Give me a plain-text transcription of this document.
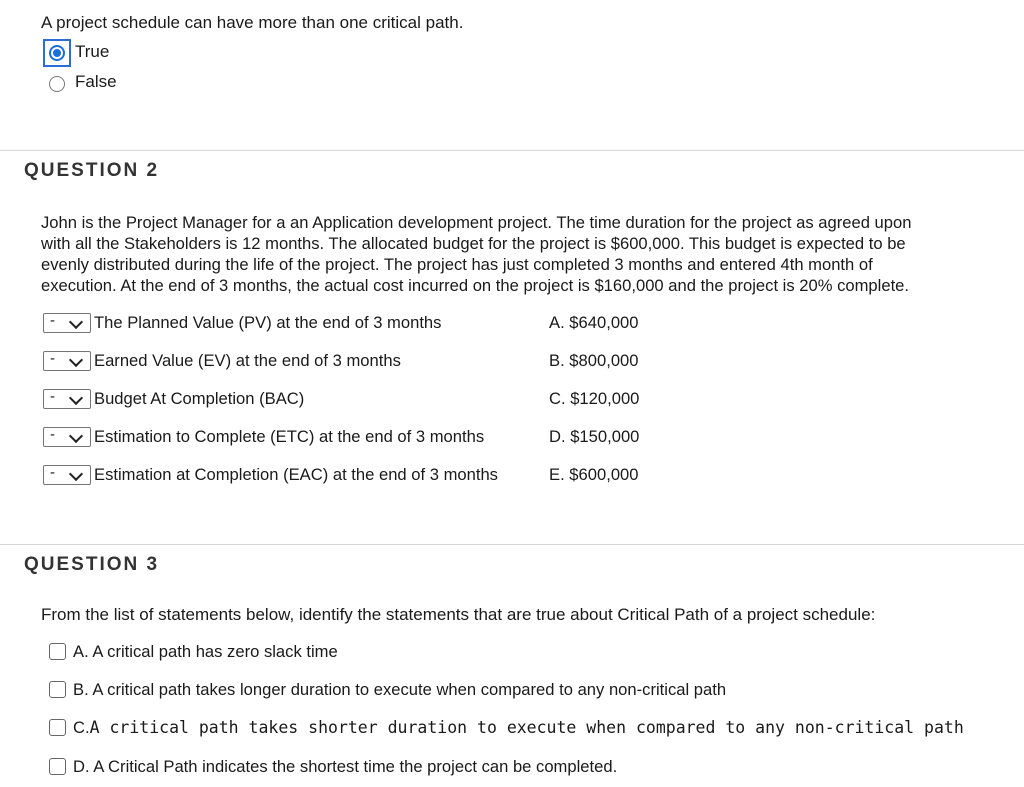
A project schedule can have more than one critical path.
True
False
QUESTION 2
John is the Project Manager for a an Application development project. The time duration for the project as agreed upon
with all the Stakeholders is 12 months. The allocated budget for the project is $600,000. This budget is expected to be
evenly distributed during the life of the project. The project has just completed 3 months and entered 4th month of
execution. At the end of 3 months, the actual cost incurred on the project is $160,000 and the project is 20% complete.
- The Planned Value (PV) at the end of 3 months	A. $640,000
- Earned Value (EV) at the end of 3 months	B. $800,000
- Budget At Completion (BAC)	C. $120,000
- Estimation to Complete (ETC) at the end of 3 months	D. $150,000
- Estimation at Completion (EAC) at the end of 3 months	E. $600,000
QUESTION 3
From the list of statements below, identify the statements that are true about Critical Path of a project schedule:
A. A critical path has zero slack time
B. A critical path takes longer duration to execute when compared to any non-critical path
C.A critical path takes shorter duration to execute when compared to any non-critical path
D. A Critical Path indicates the shortest time the project can be completed.
